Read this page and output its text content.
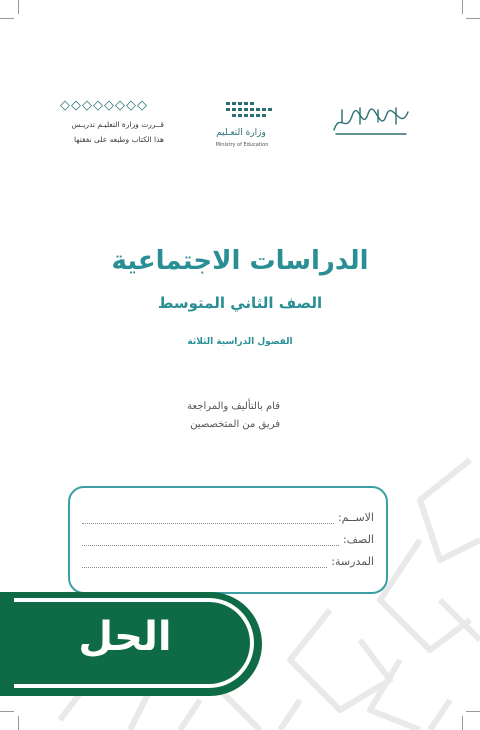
وزارة التعـليم
Ministry of Education
◇◇◇◇◇◇◇◇
قــررت وزارة التعليـم تدريـس
هذا الكتاب وطبعه على نفقتها
الدراسات الاجتماعية
الصف الثاني المتوسط
الفصول الدراسية الثلاثة
قام بالتأليف والمراجعة
فريق من المتخصصين
الاســم:
الصف:
المدرسة:
الحل
